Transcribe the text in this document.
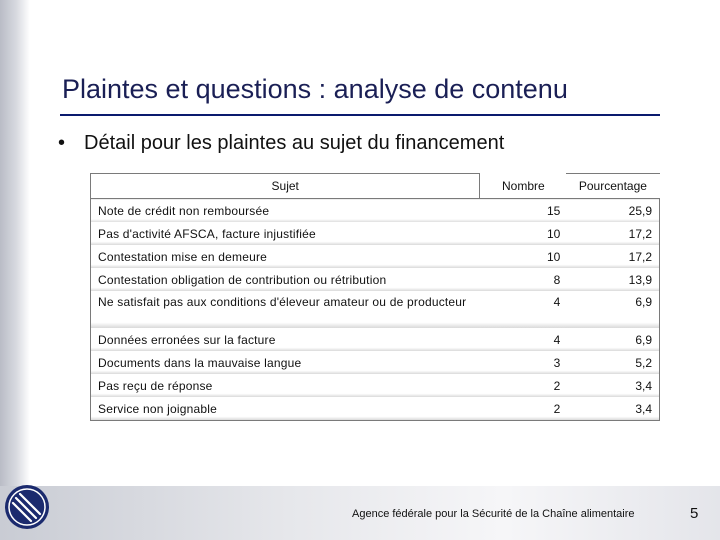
Plaintes et questions : analyse de contenu
• Détail pour les plaintes au sujet du financement
Sujet	Nombre	Pourcentage
Note de crédit non remboursée	15	25,9
Pas d'activité AFSCA, facture injustifiée	10	17,2
Contestation mise en demeure	10	17,2
Contestation obligation de contribution ou rétribution	8	13,9
Ne satisfait pas aux conditions d'éleveur amateur ou de producteur	4	6,9
Données erronées sur la facture	4	6,9
Documents dans la mauvaise langue	3	5,2
Pas reçu de réponse	2	3,4
Service non joignable	2	3,4
Agence fédérale pour la Sécurité de la Chaîne alimentaire	5
